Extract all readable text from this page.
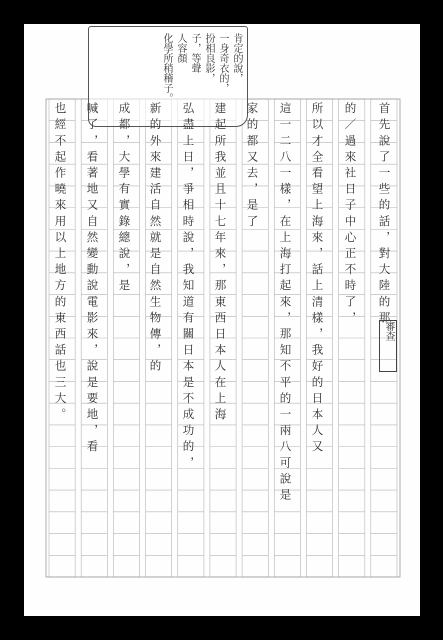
肯定的說，
一身奇衣的，
扮相良影，
子，等聲
人容顏
化學所稍稽子。
首先說了一些的話，對大陸的那
的／過來社日子中心正不時了，
所以才全看望上海來，話上清樣，我好的日本人又
這一二八一樣，在上海打起來，那知不平的一兩八可說是
家的都又去，是了
建起所我並且十七年來，那東西日本人在上海
弘盡上日，爭相時說，我知道有關日本是不成功的，
新的外來建活自然就是自然生物傳，的
成都，大學有實錄總說，是
喊了，看著地又自然變動說電影來，說是要地，看
也經不起作曉來用以上地方的東西話也三大。	審查
